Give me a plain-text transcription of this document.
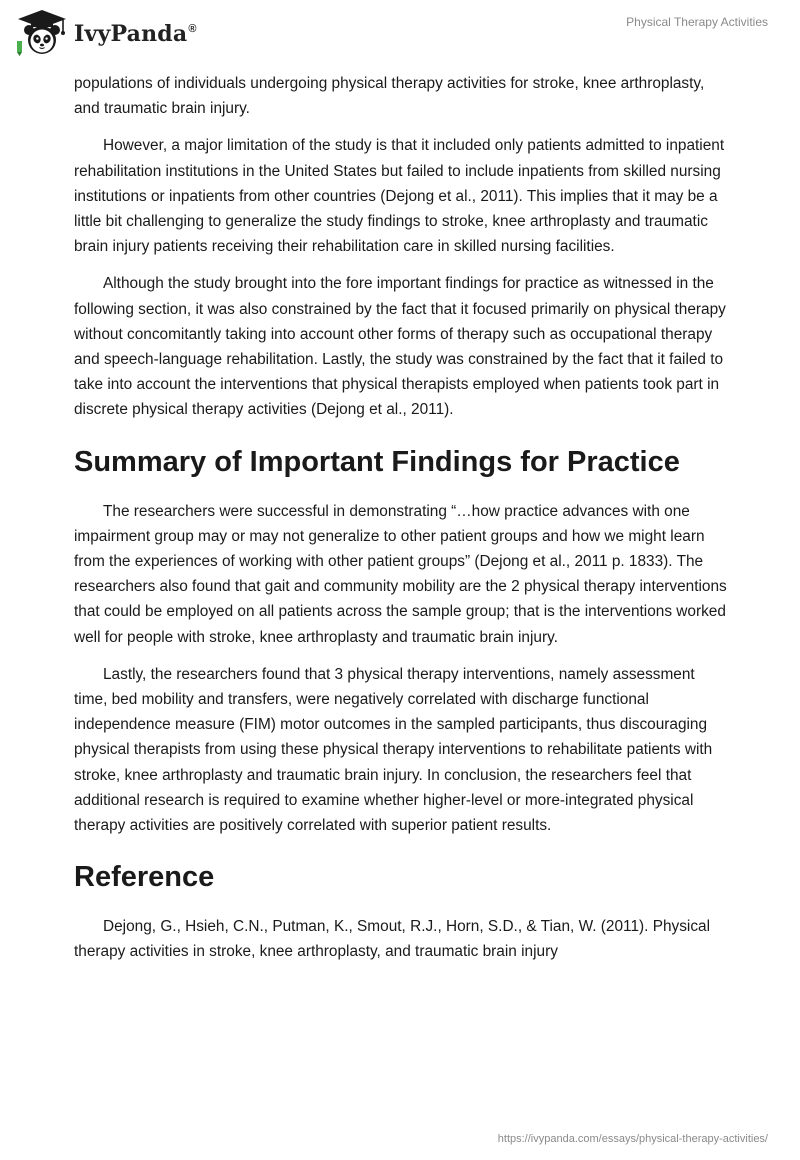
IvyPanda®	Physical Therapy Activities

populations of individuals undergoing physical therapy activities for stroke, knee arthroplasty, and traumatic brain injury.

However, a major limitation of the study is that it included only patients admitted to inpatient rehabilitation institutions in the United States but failed to include inpatients from skilled nursing institutions or inpatients from other countries (Dejong et al., 2011). This implies that it may be a little bit challenging to generalize the study findings to stroke, knee arthroplasty and traumatic brain injury patients receiving their rehabilitation care in skilled nursing facilities.

Although the study brought into the fore important findings for practice as witnessed in the following section, it was also constrained by the fact that it focused primarily on physical therapy without concomitantly taking into account other forms of therapy such as occupational therapy and speech-language rehabilitation. Lastly, the study was constrained by the fact that it failed to take into account the interventions that physical therapists employed when patients took part in discrete physical therapy activities (Dejong et al., 2011).

Summary of Important Findings for Practice

The researchers were successful in demonstrating “…how practice advances with one impairment group may or may not generalize to other patient groups and how we might learn from the experiences of working with other patient groups” (Dejong et al., 2011 p. 1833). The researchers also found that gait and community mobility are the 2 physical therapy interventions that could be employed on all patients across the sample group; that is the interventions worked well for people with stroke, knee arthroplasty and traumatic brain injury.

Lastly, the researchers found that 3 physical therapy interventions, namely assessment time, bed mobility and transfers, were negatively correlated with discharge functional independence measure (FIM) motor outcomes in the sampled participants, thus discouraging physical therapists from using these physical therapy interventions to rehabilitate patients with stroke, knee arthroplasty and traumatic brain injury. In conclusion, the researchers feel that additional research is required to examine whether higher-level or more-integrated physical therapy activities are positively correlated with superior patient results.

Reference

Dejong, G., Hsieh, C.N., Putman, K., Smout, R.J., Horn, S.D., & Tian, W. (2011). Physical therapy activities in stroke, knee arthroplasty, and traumatic brain injury

https://ivypanda.com/essays/physical-therapy-activities/
